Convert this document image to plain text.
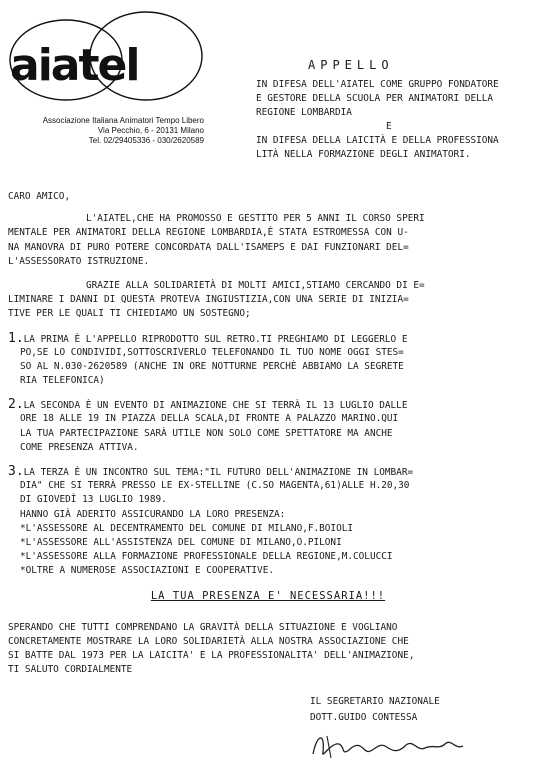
aiatel
Associazione Italiana Animatori Tempo Libero
Via Pecchio, 6 - 20131 Milano
Tel. 02/29405336 - 030/2620589
APPELLO
IN DIFESA DELL'AIATEL COME GRUPPO FONDATORE
E GESTORE DELLA SCUOLA PER ANIMATORI DELLA
REGIONE LOMBARDIA
E
IN DIFESA DELLA LAICITÀ E DELLA PROFESSIONA
LITÀ NELLA FORMAZIONE DEGLI ANIMATORI.
CARO AMICO,
L'AIATEL,CHE HA PROMOSSO E GESTITO PER 5 ANNI IL CORSO SPERI
MENTALE PER ANIMATORI DELLA REGIONE LOMBARDIA,È STATA ESTROMESSA CON U-
NA MANOVRA DI PURO POTERE CONCORDATA DALL'ISAMEPS E DAI FUNZIONARI DEL=
L'ASSESSORATO ISTRUZIONE.
GRAZIE ALLA SOLIDARIETÀ DI MOLTI AMICI,STIAMO CERCANDO DI E=
LIMINARE I DANNI DI QUESTA PROTEVA INGIUSTIZIA,CON UNA SERIE DI INIZIA=
TIVE PER LE QUALI TI CHIEDIAMO UN SOSTEGNO;
1.LA PRIMA È L'APPELLO RIPRODOTTO SUL RETRO.TI PREGHIAMO DI LEGGERLO E
PO,SE LO CONDIVIDI,SOTTOSCRIVERLO TELEFONANDO IL TUO NOME OGGI STES=
SO AL N.030-2620589 (ANCHE IN ORE NOTTURNE PERCHÈ ABBIAMO LA SEGRETE
RIA TELEFONICA)
2.LA SECONDA È UN EVENTO DI ANIMAZIONE CHE SI TERRÀ IL 13 LUGLIO DALLE
ORE 18 ALLE 19 IN PIAZZA DELLA SCALA,DI FRONTE A PALAZZO MARINO.QUI
LA TUA PARTECIPAZIONE SARÀ UTILE NON SOLO COME SPETTATORE MA ANCHE
COME PRESENZA ATTIVA.
3.LA TERZA È UN INCONTRO SUL TEMA:"IL FUTURO DELL'ANIMAZIONE IN LOMBAR=
DIA" CHE SI TERRÀ PRESSO LE EX-STELLINE (C.SO MAGENTA,61)ALLE H.20,30
DI GIOVEDÌ 13 LUGLIO 1989.
HANNO GIÀ ADERITO ASSICURANDO LA LORO PRESENZA:
*L'ASSESSORE AL DECENTRAMENTO DEL COMUNE DI MILANO,F.BOIOLI
*L'ASSESSORE ALL'ASSISTENZA DEL COMUNE DI MILANO,O.PILONI
*L'ASSESSORE ALLA FORMAZIONE PROFESSIONALE DELLA REGIONE,M.COLUCCI
*OLTRE A NUMEROSE ASSOCIAZIONI E COOPERATIVE.
LA TUA PRESENZA E' NECESSARIA!!!
SPERANDO CHE TUTTI COMPRENDANO LA GRAVITÀ DELLA SITUAZIONE E VOGLIANO
CONCRETAMENTE MOSTRARE LA LORO SOLIDARIETÀ ALLA NOSTRA ASSOCIAZIONE CHE
SI BATTE DAL 1973 PER LA LAICITA' E LA PROFESSIONALITA' DELL'ANIMAZIONE,
TI SALUTO CORDIALMENTE
IL SEGRETARIO NAZIONALE
DOTT.GUIDO CONTESSA
